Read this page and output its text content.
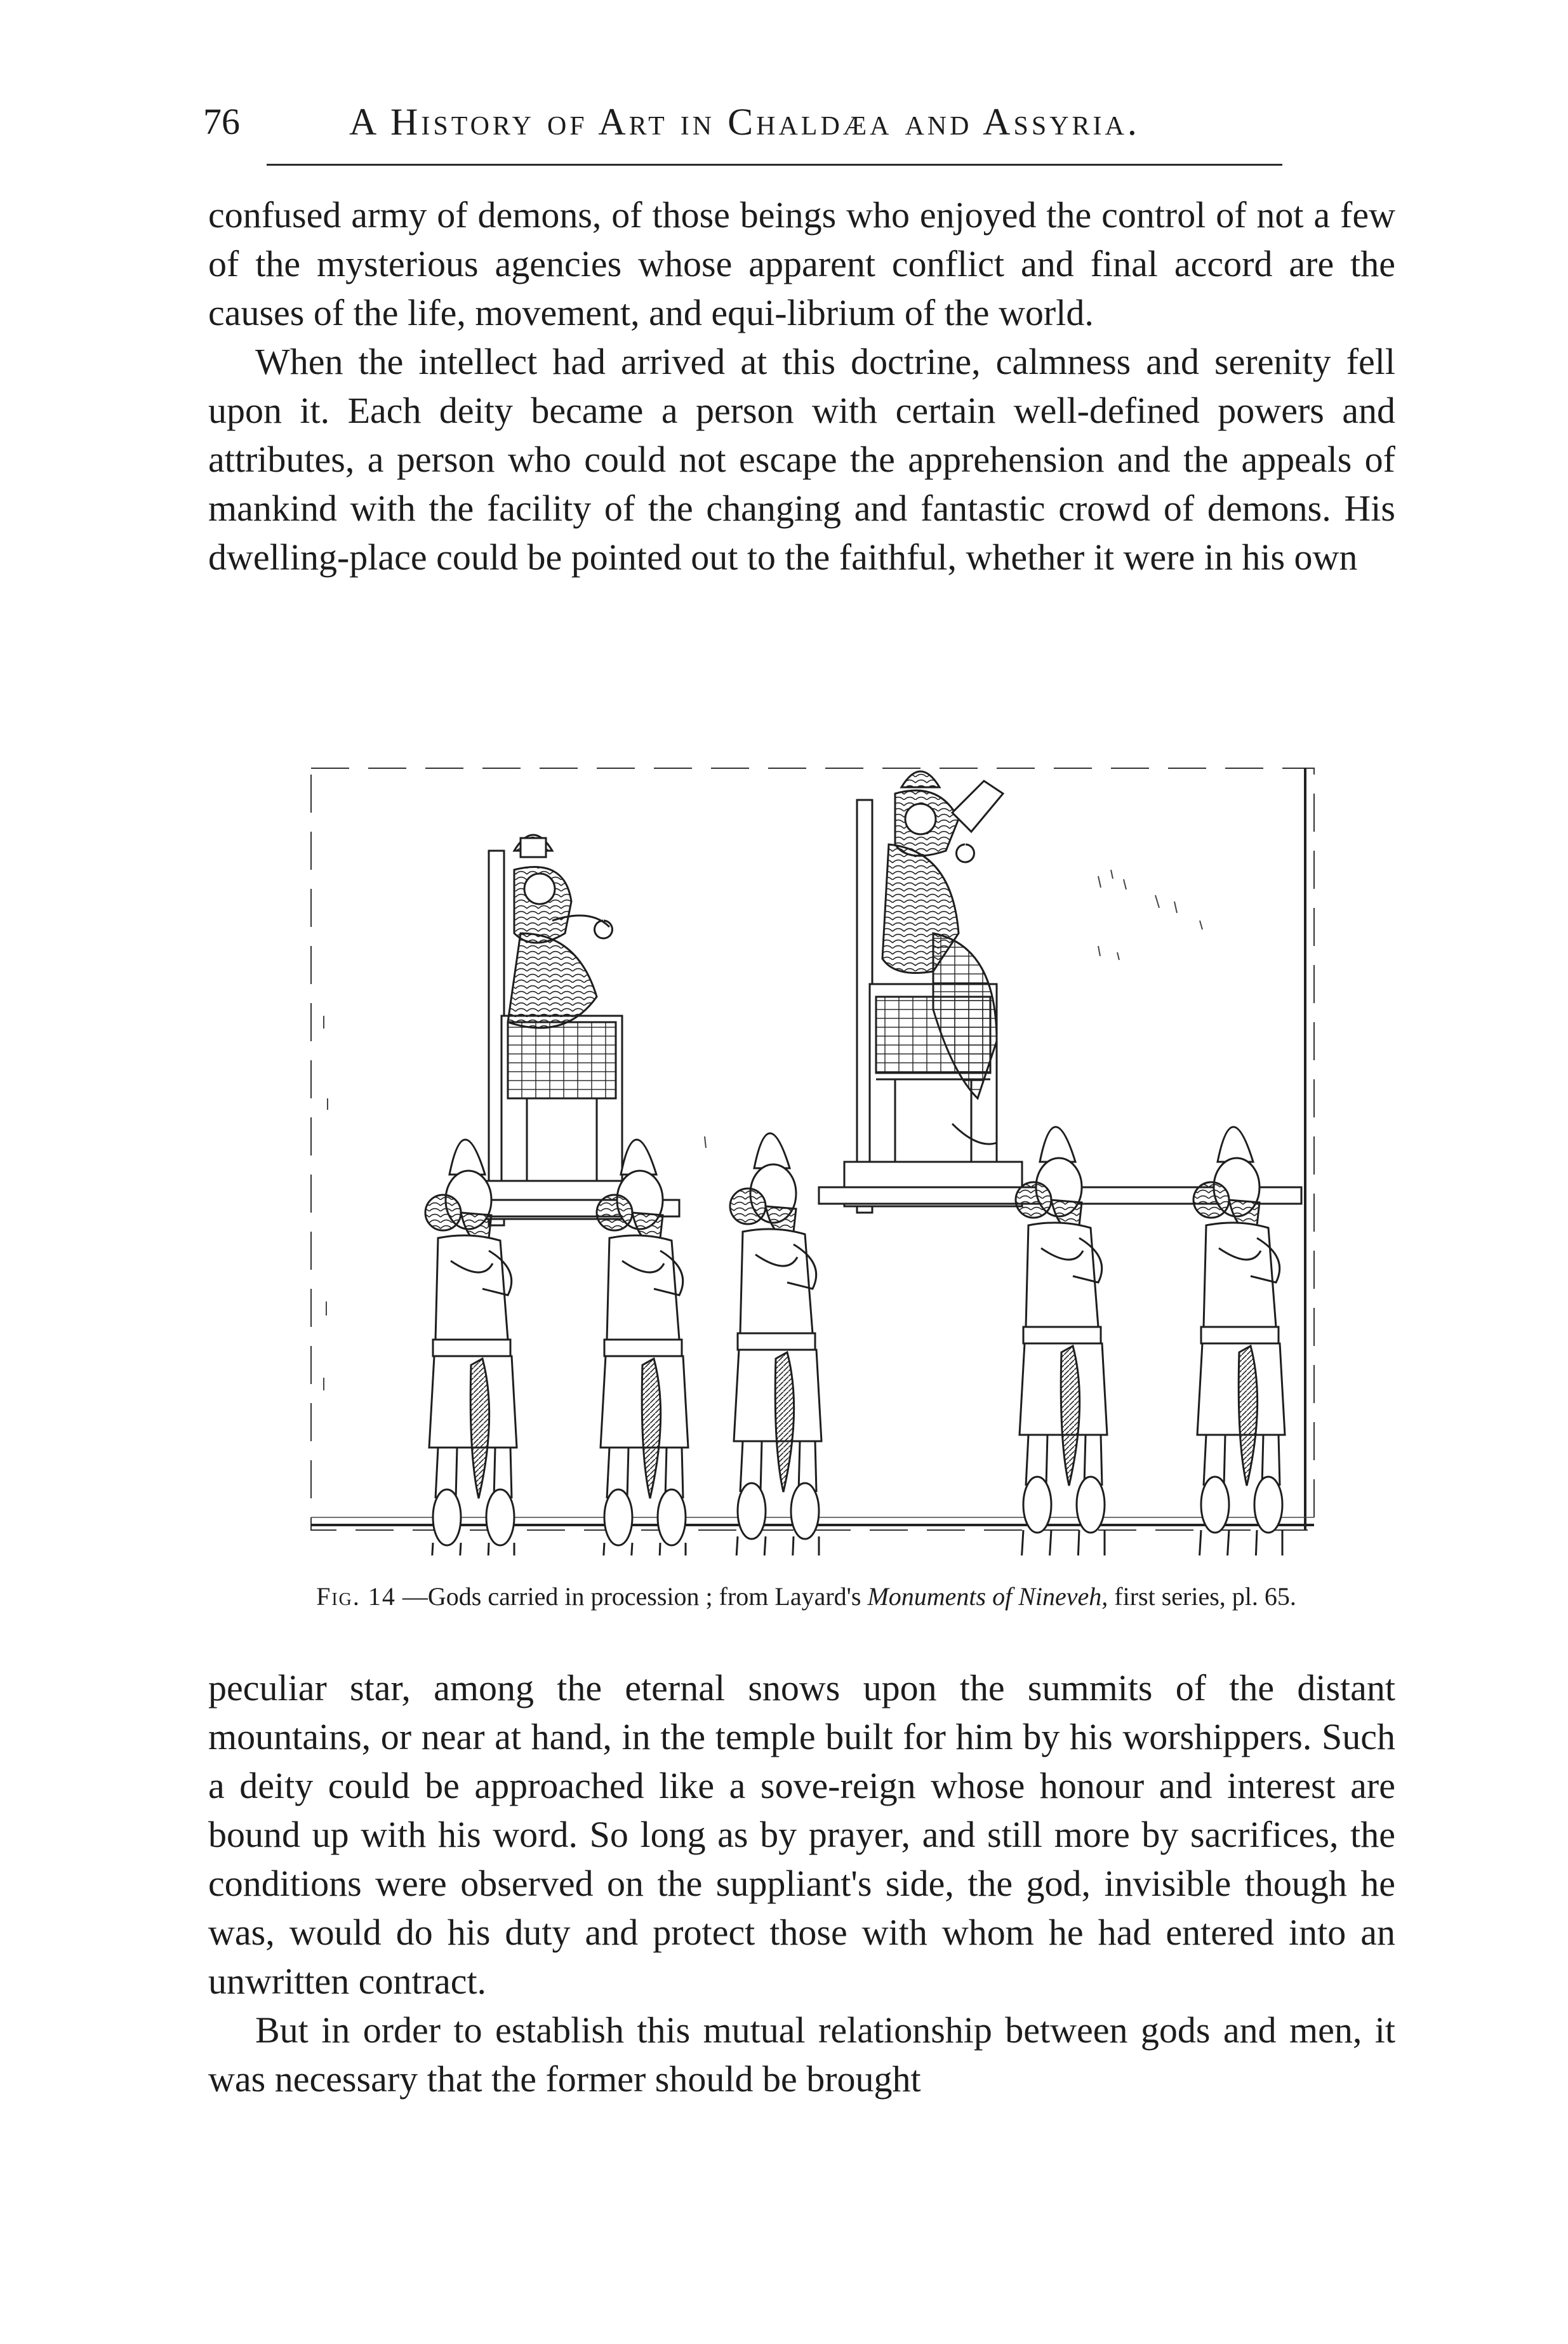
76	A History of Art in Chaldæa and Assyria.

confused army of demons, of those beings who enjoyed the control of not a few of the mysterious agencies whose apparent conflict and final accord are the causes of the life, movement, and equi-librium of the world.

When the intellect had arrived at this doctrine, calmness and serenity fell upon it. Each deity became a person with certain well-defined powers and attributes, a person who could not escape the apprehension and the appeals of mankind with the facility of the changing and fantastic crowd of demons. His dwelling-place could be pointed out to the faithful, whether it were in his own

Fig. 14 —Gods carried in procession ; from Layard's Monuments of Nineveh, first series, pl. 65.

peculiar star, among the eternal snows upon the summits of the distant mountains, or near at hand, in the temple built for him by his worshippers. Such a deity could be approached like a sove-reign whose honour and interest are bound up with his word. So long as by prayer, and still more by sacrifices, the conditions were observed on the suppliant's side, the god, invisible though he was, would do his duty and protect those with whom he had entered into an unwritten contract.

But in order to establish this mutual relationship between gods and men, it was necessary that the former should be brought
